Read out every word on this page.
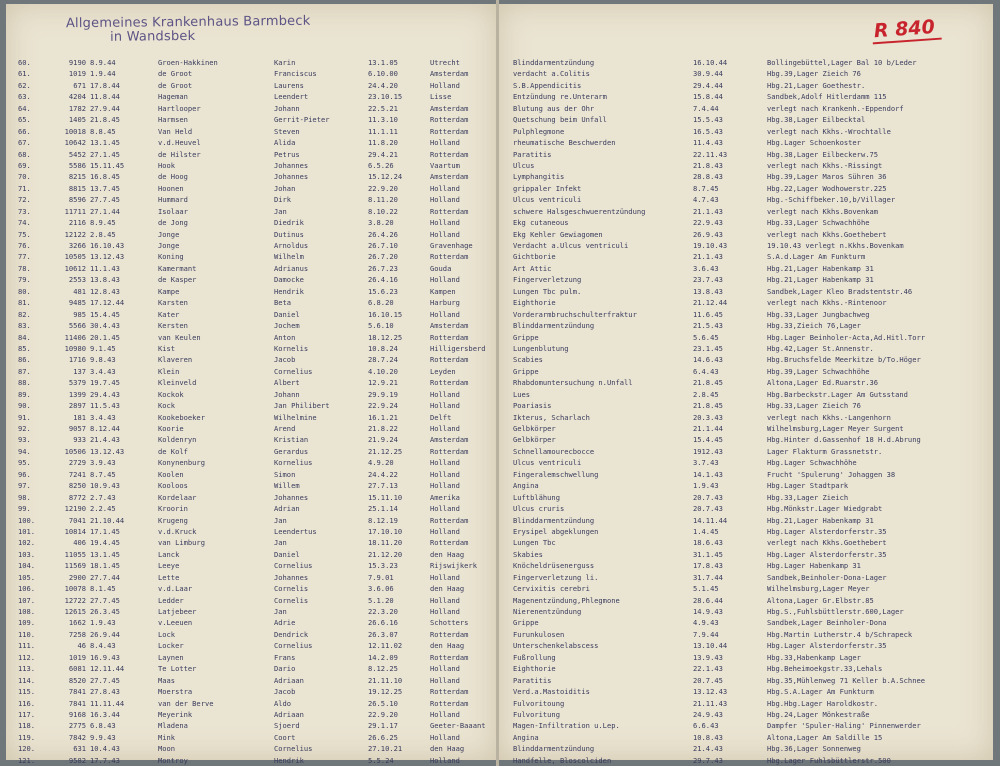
Allgemeines Krankenhaus Barmbeck
in Wandsbek
60.	9190 8.9.44	Groen-Hakkinen	Karin	13.1.05	Utrecht
61.	1019 1.9.44	de Groot	Franciscus	6.10.00	Amsterdam
62.	671 17.8.44	de Groot	Laurens	24.4.20	Holland
63.	4204 11.8.44	Hageman	Leendert	23.10.15	Lisse
64.	1782 27.9.44	Hartlooper	Johann	22.5.21	Amsterdam
65.	1405 21.8.45	Harmsen	Gerrit-Pieter	11.3.10	Rotterdam
66.	10018 8.8.45	Van Held	Steven	11.1.11	Rotterdam
67.	10642 13.1.45	v.d.Heuvel	Alida	11.8.20	Holland
68.	5452 27.1.45	de Hilster	Petrus	29.4.21	Rotterdam
69.	5586 15.11.45	Hook	Johannes	6.5.26	Vaartum
70.	8215 16.8.45	de Hoog	Johannes	15.12.24	Amsterdam
71.	8815 13.7.45	Hoonen	Johan	22.9.20	Holland
72.	8596 27.7.45	Hummard	Dirk	8.11.20	Holland
73.	11711 27.1.44	Isolaar	Jan	8.10.22	Rotterdam
74.	2116 8.9.45	de Jong	Diedrik	3.8.20	Holland
75.	12122 2.8.45	Jonge	Dutinus	26.4.26	Holland
76.	3266 16.10.43	Jonge	Arnoldus	26.7.10	Gravenhage
77.	10505 13.12.43	Koning	Wilhelm	26.7.20	Rotterdam
78.	10612 11.1.43	Kamermant	Adrianus	26.7.23	Gouda
79.	2553 13.8.43	de Kasper	Damocke	26.4.16	Holland
80.	481 12.8.43	Kampe	Hendrik	15.6.23	Kampen
81.	9485 17.12.44	Karsten	Beta	6.8.20	Harburg
82.	985 15.4.45	Kater	Daniel	16.10.15	Holland
83.	5566 30.4.43	Kersten	Jochem	5.6.10	Amsterdam
84.	11406 20.1.45	van Keulen	Anton	18.12.25	Rotterdam
85.	10980 9.1.45	Kist	Kornelis	10.8.24	Hilligersberd
86.	1716 9.8.43	Klaveren	Jacob	28.7.24	Rotterdam
87.	137 3.4.43	Klein	Cornelius	4.10.20	Leyden
88.	5379 19.7.45	Kleinveld	Albert	12.9.21	Rotterdam
89.	1399 29.4.43	Kockok	Johann	29.9.19	Holland
90.	2897 11.5.43	Kock	Jan Philibert	22.9.24	Holland
91.	181 3.4.43	Kookeboeker	Wilhelmine	16.1.21	Delft
92.	9057 8.12.44	Koorie	Arend	21.8.22	Holland
93.	933 21.4.43	Koldenryn	Kristian	21.9.24	Amsterdam
94.	10506 13.12.43	de Kolf	Gerardus	21.12.25	Rotterdam
95.	2729 3.9.43	Konynenburg	Kornelius	4.9.20	Holland
96.	7241 8.7.45	Koolen	Simon	24.4.22	Holland
97.	8250 10.9.43	Kooloos	Willem	27.7.13	Holland
98.	8772 2.7.43	Kordelaar	Johannes	15.11.10	Amerika
99.	12190 2.2.45	Kroorin	Adrian	25.1.14	Holland
100.	7041 21.10.44	Krugeng	Jan	8.12.19	Rotterdam
101.	10814 17.1.45	v.d.Kruck	Leendertus	17.10.10	Holland
102.	406 19.4.45	van Limburg	Jan	18.11.20	Rotterdam
103.	11055 13.1.45	Lanck	Daniel	21.12.20	den Haag
104.	11569 18.1.45	Leeye	Cornelius	15.3.23	Rijswijkerk
105.	2900 27.7.44	Lette	Johannes	7.9.01	Holland
106.	10078 8.1.45	v.d.Laar	Cornelis	3.6.06	den Haag
107.	12722 27.7.45	Ledder	Cornelis	5.1.20	Holland
108.	12615 26.3.45	Latjebeer	Jan	22.3.20	Holland
109.	1662 1.9.43	v.Leeuen	Adrie	26.6.16	Schotters
110.	7258 26.9.44	Lock	Dendrick	26.3.07	Rotterdam
111.	46 8.4.43	Locker	Cornelius	12.11.02	den Haag
112.	1019 16.9.43	Laynen	Frans	14.2.09	Rotterdam
113.	6081 12.11.44	Te Lotter	Dario	8.12.25	Holland
114.	8520 27.7.45	Maas	Adriaan	21.11.10	Holland
115.	7841 27.8.43	Moerstra	Jacob	19.12.25	Rotterdam
116.	7841 11.11.44	van der Berve	Aldo	26.5.10	Rotterdam
117.	9168 16.3.44	Meyerink	Adriaan	22.9.20	Holland
118.	2775 6.8.43	Mladena	Sjoerd	29.1.17	Geeter-Baaant
119.	7842 9.9.43	Mink	Coort	26.6.25	Holland
120.	631 10.4.43	Moon	Cornelius	27.10.21	den Haag
121.	9582 17.7.43	Montroy	Hendrik	5.5.24	Holland
R 840
Blinddarmentzündung	16.10.44	Bollingebüttel,Lager Bal 10 b/Leder
verdacht a.Colitis	30.9.44	Hbg.39,Lager Zieich 76
S.B.Appendicitis	29.4.44	Hbg.21,Lager Goethestr.
Entzündung re.Unterarm	15.8.44	Sandbek,Adolf Hitlerdamm 115
Blutung aus der Ohr	7.4.44	verlegt nach Krankenh.-Eppendorf
Quetschung beim Unfall	15.5.43	Hbg.38,Lager Eilbecktal
Pulphlegmone	16.5.43	verlegt nach Kkhs.-Wrochtalle
rheumatische Beschwerden	11.4.43	Hbg.Lager Schoenkoster
Paratitis	22.11.43	Hbg.38,Lager Eilbeckerw.75
Ulcus	21.8.43	verlegt nach Kkhs.-Rissingt
Lymphangitis	28.8.43	Hbg.39,Lager Maros Sühren 36
grippaler Infekt	8.7.45	Hbg.22,Lager Wodhowerstr.225
Ulcus ventriculi	4.7.43	Hbg.-Schiffbeker.10,b/Villager
schwere Halsgeschwuerentzündung	21.1.43	verlegt nach Kkhs.Bovenkam
Ekg cutaneous	22.9.43	Hbg.33,Lager Schwachhöhe
Ekg Kehler Gewiagomen	26.9.43	verlegt nach Kkhs.Goethebert
Verdacht a.Ulcus ventriculi	19.10.43	19.10.43 verlegt n.Kkhs.Bovenkam
Gichtborie	21.1.43	S.A.d.Lager Am Funkturm
Art Attic	3.6.43	Hbg.21,Lager Habenkamp 31
Fingerverletzung	23.7.43	Hbg.21,Lager Habenkamp 31
Lungen Tbc pulm.	13.8.43	Sandbek,Lager Kleo Bradstentstr.46
Eighthorie	21.12.44	verlegt nach Kkhs.-Rintenoor
Vorderarmbruchschulterfraktur	11.6.45	Hbg.33,Lager Jungbachweg
Blinddarmentzündung	21.5.43	Hbg.33,Zieich 76,Lager
Grippe	5.6.45	Hbg.Lager Beinholer-Acta,Ad.Hitl.Torr
Lungenblutung	23.1.45	Hbg.42,Lager St.Annenstr.
Scabies	14.6.43	Hbg.Bruchsfelde Meerkitze b/To.Höger
Grippe	6.4.43	Hbg.39,Lager Schwachhöhe
Rhabdomuntersuchung n.Unfall	21.8.45	Altona,Lager Ed.Ruarstr.36
Lues	2.8.45	Hbg.Barbeckstr.Lager Am Gutsstand
Poariasis	21.8.45	Hbg.33,Lager Zieich 76
Ikterus, Scharlach	20.3.43	verlegt nach Kkhs.-Langenhorn
Gelbkörper	21.1.44	Wilhelmsburg,Lager Meyer Surgent
Gelbkörper	15.4.45	Hbg.Hinter d.Gassenhof 18 H.d.Abrung
Schnellamourecbocce	1912.43	Lager Flakturm Grassnetstr.
Ulcus ventriculi	3.7.43	Hbg.Lager Schwachhöhe
Fingeralemschwellung	14.1.43	Frucht 'Spulerung' Johaggen 38
Angina	1.9.43	Hbg.Lager Stadtpark
Luftblähung	20.7.43	Hbg.33,Lager Zieich
Ulcus cruris	20.7.43	Hbg.Mönkstr.Lager Wiedgrabt
Blinddarmentzündung	14.11.44	Hbg.21,Lager Habenkamp 31
Erysipel abgeklungen	1.4.45	Hbg.Lager Alsterdorferstr.35
Lungen Tbc	18.6.43	verlegt nach Kkhs.Goethebert
Skabies	31.1.45	Hbg.Lager Alsterdorferstr.35
Knöcheldrüsenerguss	17.8.43	Hbg.Lager Habenkamp 31
Fingerverletzung li.	31.7.44	Sandbek,Beinholer-Dona-Lager
Cervixitis cerebri	5.1.45	Wilhelmsburg,Lager Meyer
Magenentzündung,Phlegmone	28.6.44	Altona,Lager Gr.Elbstr.85
Nierenentzündung	14.9.43	Hbg.S.,Fuhlsbüttlerstr.600,Lager
Grippe	4.9.43	Sandbek,Lager Beinholer-Dona
Furunkulosen	7.9.44	Hbg.Martin Lutherstr.4 b/Schrapeck
Unterschenkelabscess	13.10.44	Hbg.Lager Alsterdorferstr.35
Fußrollung	13.9.43	Hbg.33,Habenkamp Lager
Eighthorie	22.1.43	Hbg.Beheimoekgstr.33,Lehals
Paratitis	20.7.45	Hbg.35,Mühlenweg 71 Keller b.A.Schnee
Verd.a.Mastoiditis	13.12.43	Hbg.S.A.Lager Am Funkturm
Fulvoritoung	21.11.43	Hbg.Hbg.Lager Haroldkostr.
Fulvoritung	24.9.43	Hbg.24,Lager Mönkestraße
Magen-Infiltration u.Lep.	6.6.43	Dampfer 'Spuler-Haling' Pinnenwerder
Angina	10.8.43	Altona,Lager Am Saldille 15
Blinddarmentzündung	21.4.43	Hbg.36,Lager Sonnenweg
Handfelle, Bloscolciden	29.7.43	Hbg.Lager Fuhlsbüttlerstr.500
